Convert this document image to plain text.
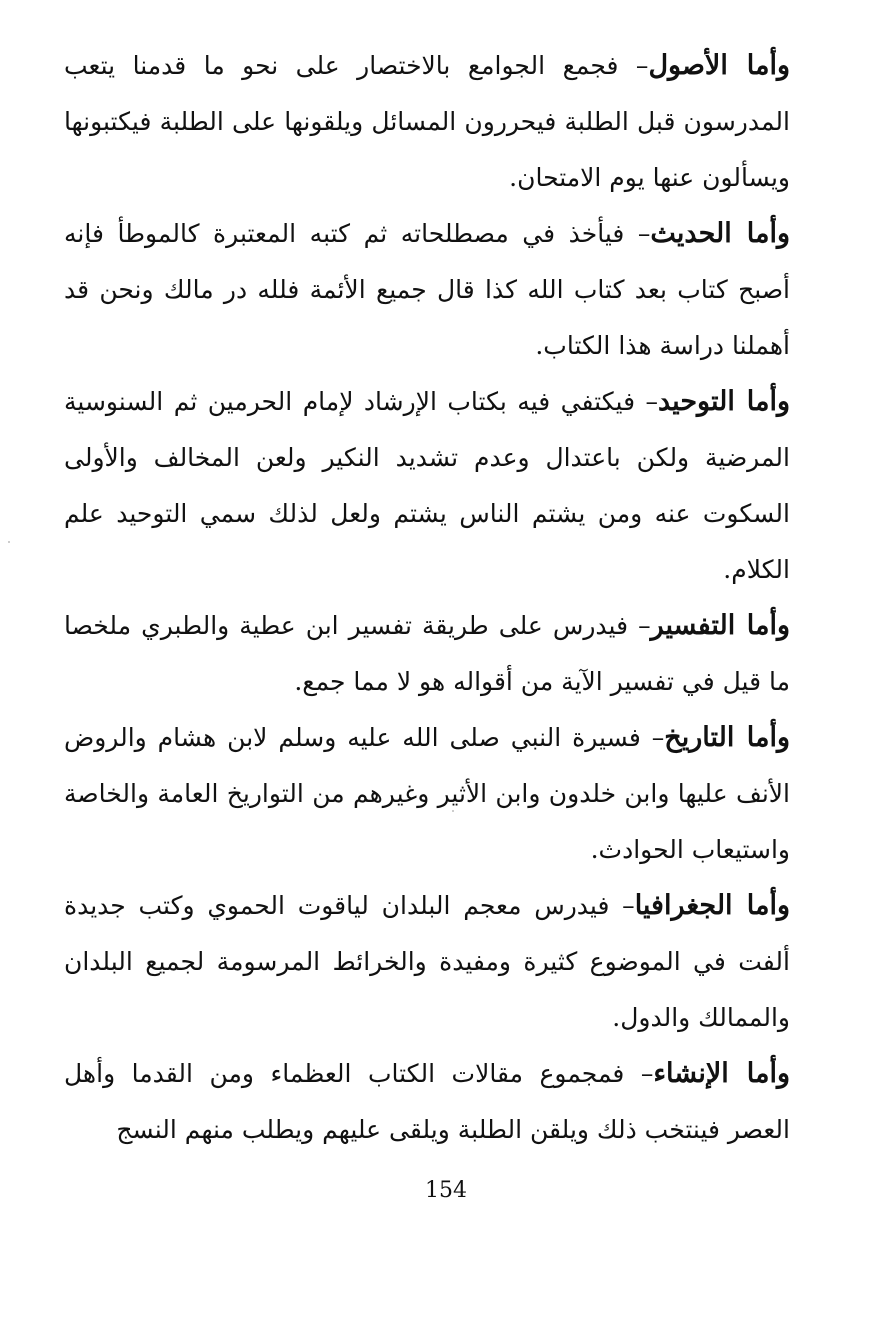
وأما الأصول– فجمع الجوامع بالاختصار على نحو ما قدمنا يتعب المدرسون قبل الطلبة فيحررون المسائل ويلقونها على الطلبة فيكتبونها ويسألون عنها يوم الامتحان.

وأما الحديث– فيأخذ في مصطلحاته ثم كتبه المعتبرة كالموطأ فإنه أصبح كتاب بعد كتاب الله كذا قال جميع الأئمة فلله در مالك ونحن قد أهملنا دراسة هذا الكتاب.

وأما التوحيد– فيكتفي فيه بكتاب الإرشاد لإمام الحرمين ثم السنوسية المرضية ولكن باعتدال وعدم تشديد النكير ولعن المخالف والأولى السكوت عنه ومن يشتم الناس يشتم ولعل لذلك سمي التوحيد علم الكلام.

وأما التفسير– فيدرس على طريقة تفسير ابن عطية والطبري ملخصا ما قيل في تفسير الآية من أقواله هو لا مما جمع.

وأما التاريخ– فسيرة النبي صلى الله عليه وسلم لابن هشام والروض الأنف عليها وابن خلدون وابن الأثير وغيرهم من التواريخ العامة والخاصة واستيعاب الحوادث.

وأما الجغرافيا– فيدرس معجم البلدان لياقوت الحموي وكتب جديدة ألفت في الموضوع كثيرة ومفيدة والخرائط المرسومة لجميع البلدان والممالك والدول.

وأما الإنشاء– فمجموع مقالات الكتاب العظماء ومن القدما وأهل العصر فينتخب ذلك ويلقن الطلبة ويلقى عليهم ويطلب منهم النسج

154
